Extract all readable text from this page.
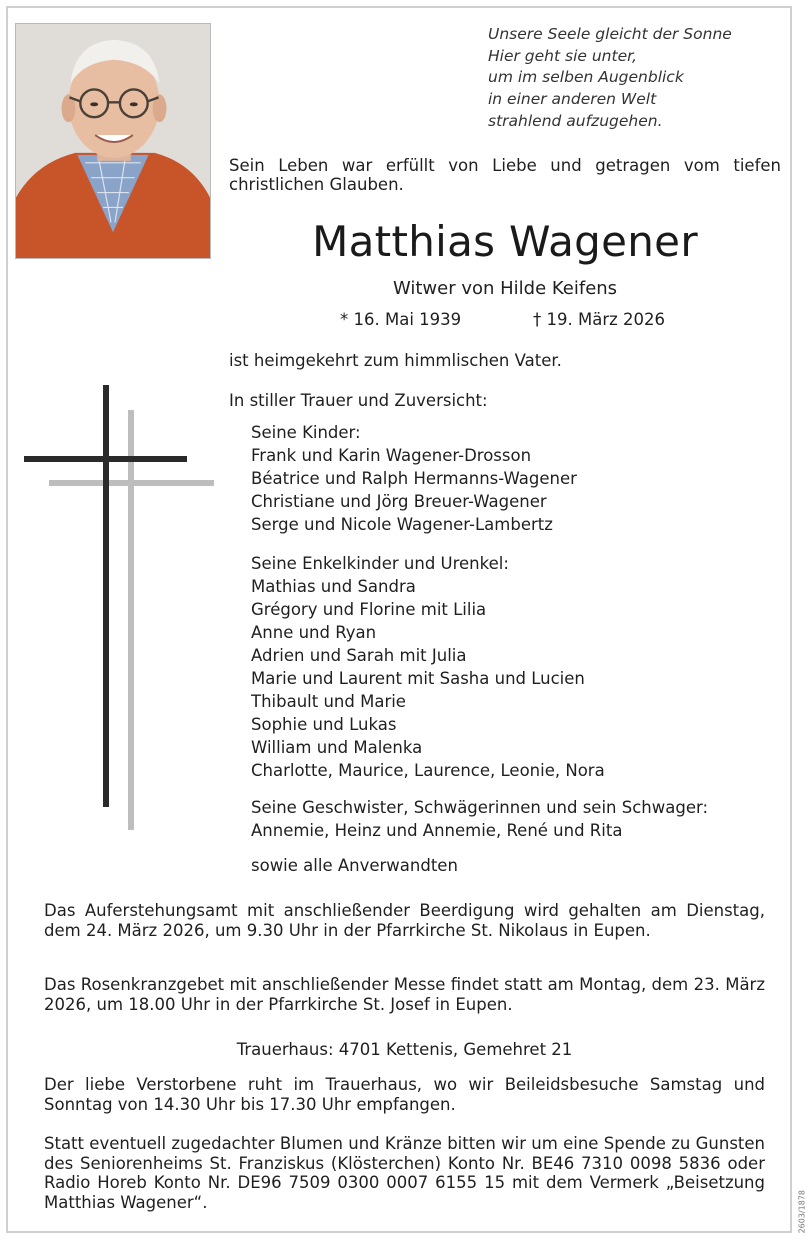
Unsere Seele gleicht der Sonne
Hier geht sie unter,
um im selben Augenblick
in einer anderen Welt
strahlend aufzugehen.
Sein Leben war erfüllt von Liebe und getragen vom tiefen christlichen Glauben.
Matthias Wagener
Witwer von Hilde Keifens
* 16. Mai 1939	† 19. März 2026
ist heimgekehrt zum himmlischen Vater.
In stiller Trauer und Zuversicht:
Seine Kinder:
Frank und Karin Wagener-Drosson
Béatrice und Ralph Hermanns-Wagener
Christiane und Jörg Breuer-Wagener
Serge und Nicole Wagener-Lambertz
Seine Enkelkinder und Urenkel:
Mathias und Sandra
Grégory und Florine mit Lilia
Anne und Ryan
Adrien und Sarah mit Julia
Marie und Laurent mit Sasha und Lucien
Thibault und Marie
Sophie und Lukas
William und Malenka
Charlotte, Maurice, Laurence, Leonie, Nora
Seine Geschwister, Schwägerinnen und sein Schwager:
Annemie, Heinz und Annemie, René und Rita
sowie alle Anverwandten
Das Auferstehungsamt mit anschließender Beerdigung wird gehalten am Dienstag, dem 24. März 2026, um 9.30 Uhr in der Pfarrkirche St. Nikolaus in Eupen.
Das Rosenkranzgebet mit anschließender Messe findet statt am Montag, dem 23. März 2026, um 18.00 Uhr in der Pfarrkirche St. Josef in Eupen.
Trauerhaus: 4701 Kettenis, Gemehret 21
Der liebe Verstorbene ruht im Trauerhaus, wo wir Beileidsbesuche Samstag und Sonntag von 14.30 Uhr bis 17.30 Uhr empfangen.
Statt eventuell zugedachter Blumen und Kränze bitten wir um eine Spende zu Gunsten des Seniorenheims St. Franziskus (Klösterchen) Konto Nr. BE46 7310 0098 5836 oder Radio Horeb Konto Nr. DE96 7509 0300 0007 6155 15 mit dem Vermerk „Beisetzung Matthias Wagener“.	2603/1878
